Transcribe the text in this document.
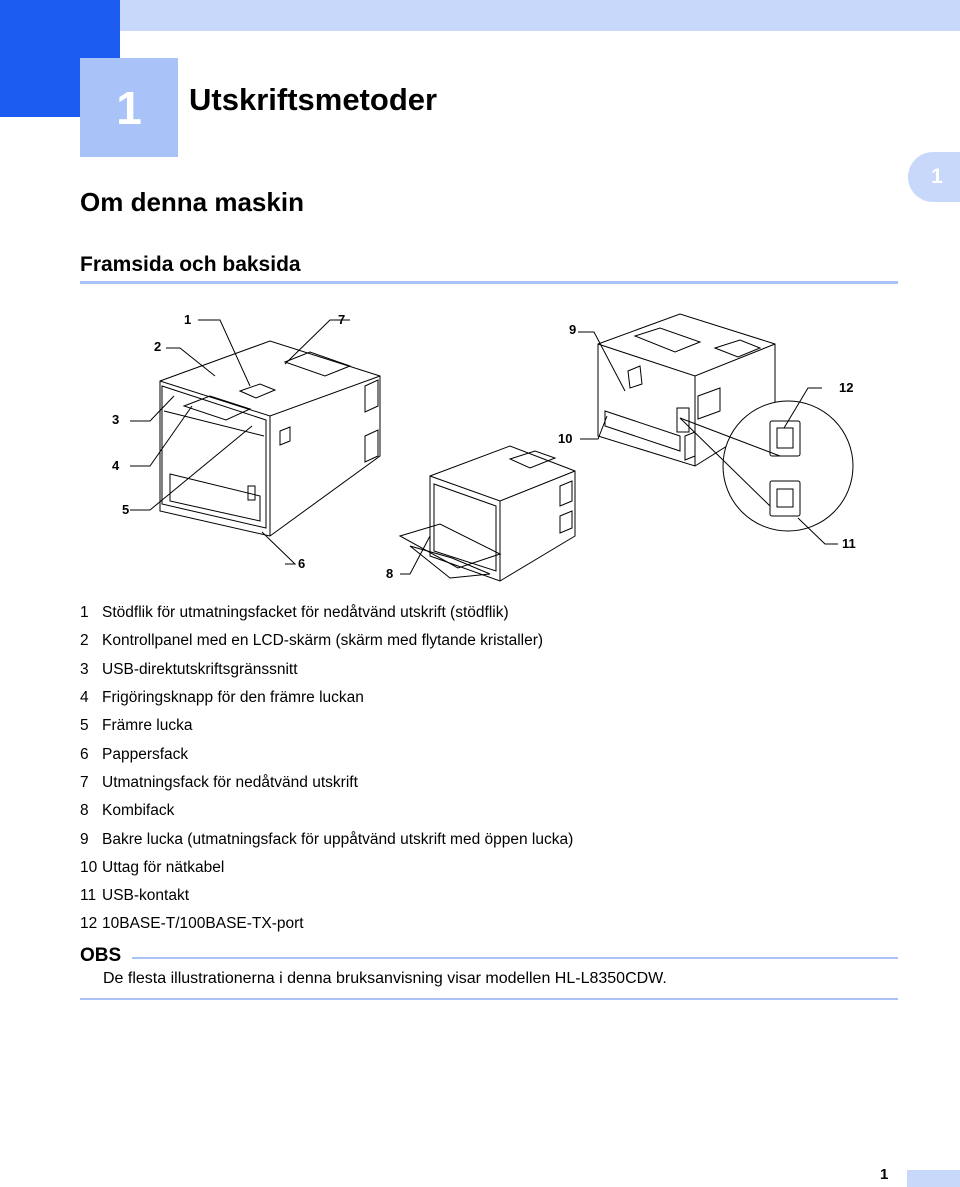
1	Utskriftsmetoder
1
Om denna maskin
Framsida och baksida
1
2
3
4
5
6
7
8
9
10
11
12
1 Stödflik för utmatningsfacket för nedåtvänd utskrift (stödflik)
2 Kontrollpanel med en LCD-skärm (skärm med flytande kristaller)
3 USB-direktutskriftsgränssnitt
4 Frigöringsknapp för den främre luckan
5 Främre lucka
6 Pappersfack
7 Utmatningsfack för nedåtvänd utskrift
8 Kombifack
9 Bakre lucka (utmatningsfack för uppåtvänd utskrift med öppen lucka)
10 Uttag för nätkabel
11 USB-kontakt
12 10BASE-T/100BASE-TX-port
OBS
De flesta illustrationerna i denna bruksanvisning visar modellen HL-L8350CDW.
1
